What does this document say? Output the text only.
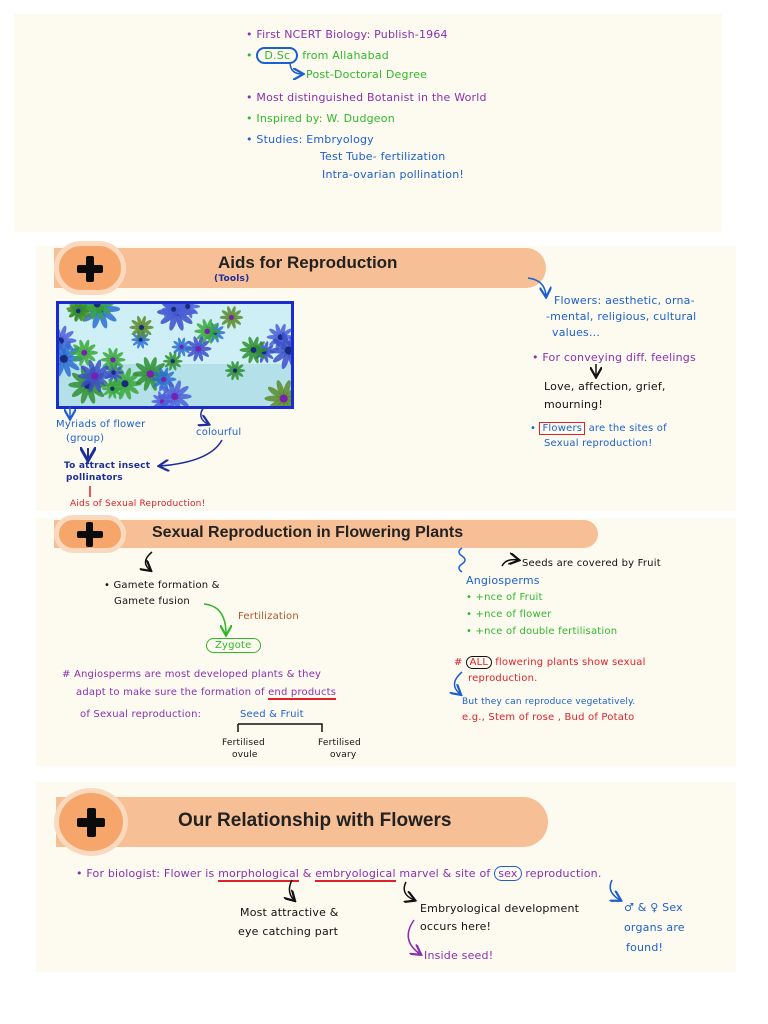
• First NCERT Biology: Publish-1964
• D.Sc from Allahabad
Post-Doctoral Degree
• Most distinguished Botanist in the World
• Inspired by: W. Dudgeon
• Studies: Embryology
Test Tube- fertilization
Intra-ovarian pollination!
Aids for Reproduction
(Tools)
Myriads of flower
(group)
colourful
To attract insect
pollinators
Aids of Sexual Reproduction!
Flowers: aesthetic, orna-
-mental, religious, cultural
values...
• For conveying diff. feelings
Love, affection, grief,
mourning!
• Flowers are the sites of
Sexual reproduction!
Sexual Reproduction in Flowering Plants
• Gamete formation &
Gamete fusion
Fertilization
Zygote
# Angiosperms are most developed plants & they
adapt to make sure the formation of end products
of Sexual reproduction:	Seed & Fruit
Fertilised
ovule
Fertilised
ovary
Seeds are covered by Fruit
Angiosperms
• +nce of Fruit
• +nce of flower
• +nce of double fertilisation
# ALL flowering plants show sexual
reproduction.
But they can reproduce vegetatively.
e.g., Stem of rose , Bud of Potato
Our Relationship with Flowers
• For biologist: Flower is morphological & embryological marvel & site of sex reproduction.
Most attractive &
eye catching part
Embryological development
occurs here!
Inside seed!
♂ & ♀ Sex
organs are
found!
